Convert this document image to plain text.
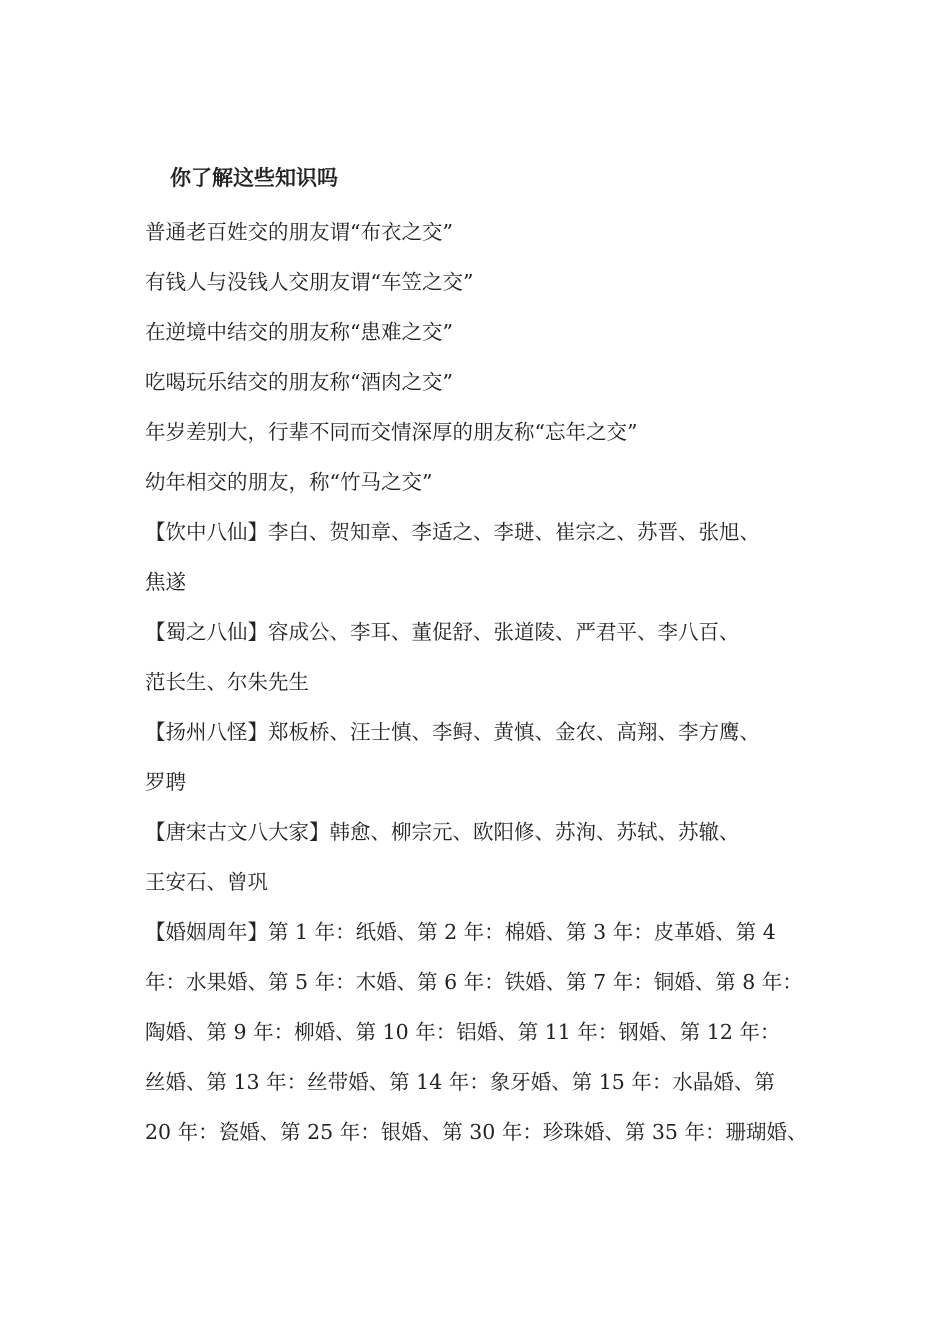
你了解这些知识吗
普通老百姓交的朋友谓“布衣之交”
有钱人与没钱人交朋友谓“车笠之交”
在逆境中结交的朋友称“患难之交”
吃喝玩乐结交的朋友称“酒肉之交”
年岁差别大，行辈不同而交情深厚的朋友称“忘年之交”
幼年相交的朋友，称“竹马之交”
【饮中八仙】李白、贺知章、李适之、李琎、崔宗之、苏晋、张旭、
焦遂
【蜀之八仙】容成公、李耳、董促舒、张道陵、严君平、李八百、
范长生、尔朱先生
【扬州八怪】郑板桥、汪士慎、李鲟、黄慎、金农、高翔、李方鹰、
罗聘
【唐宋古文八大家】韩愈、柳宗元、欧阳修、苏洵、苏轼、苏辙、
王安石、曾巩
【婚姻周年】第 1 年：纸婚、第 2 年：棉婚、第 3 年：皮革婚、第 4
年：水果婚、第 5 年：木婚、第 6 年：铁婚、第 7 年：铜婚、第 8 年：
陶婚、第 9 年：柳婚、第 10 年：铝婚、第 11 年：钢婚、第 12 年：
丝婚、第 13 年：丝带婚、第 14 年：象牙婚、第 15 年：水晶婚、第
20 年：瓷婚、第 25 年：银婚、第 30 年：珍珠婚、第 35 年：珊瑚婚、
